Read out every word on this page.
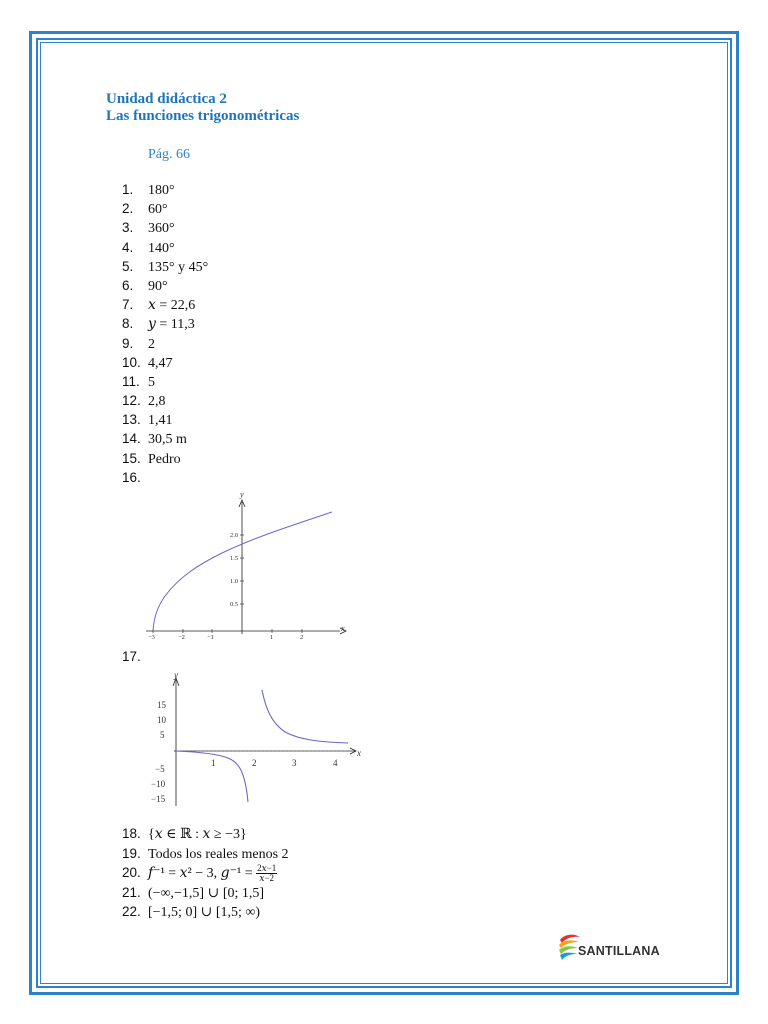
Unidad didáctica 2
Las funciones trigonométricas
Pág. 66
1. 180°
2. 60°
3. 360°
4. 140°
5. 135° y 45°
6. 90°
7. 𝑥 = 22,6
8. 𝑦 = 11,3
9. 2
10. 4,47
11. 5
12. 2,8
13. 1,41
14. 30,5 m
15. Pedro
16.
x
y
−3	−2	−1	1	2
0.5
1.0
1.5
2.0
17.
x
y
1	2	3	4
15
10
5
−5
−10
−15
18. {𝑥 ∈ ℝ : 𝑥 ≥ −3}
19. Todos los reales menos 2
20. 𝑓⁻¹ = 𝑥² − 3, 𝑔⁻¹ = $\frac{\text{2𝑥−1}}{\text{𝑥−2}}$
21. (−∞,−1,5] ∪ [0; 1,5]
22. [−1,5; 0] ∪ [1,5; ∞)
SANTILLANA
